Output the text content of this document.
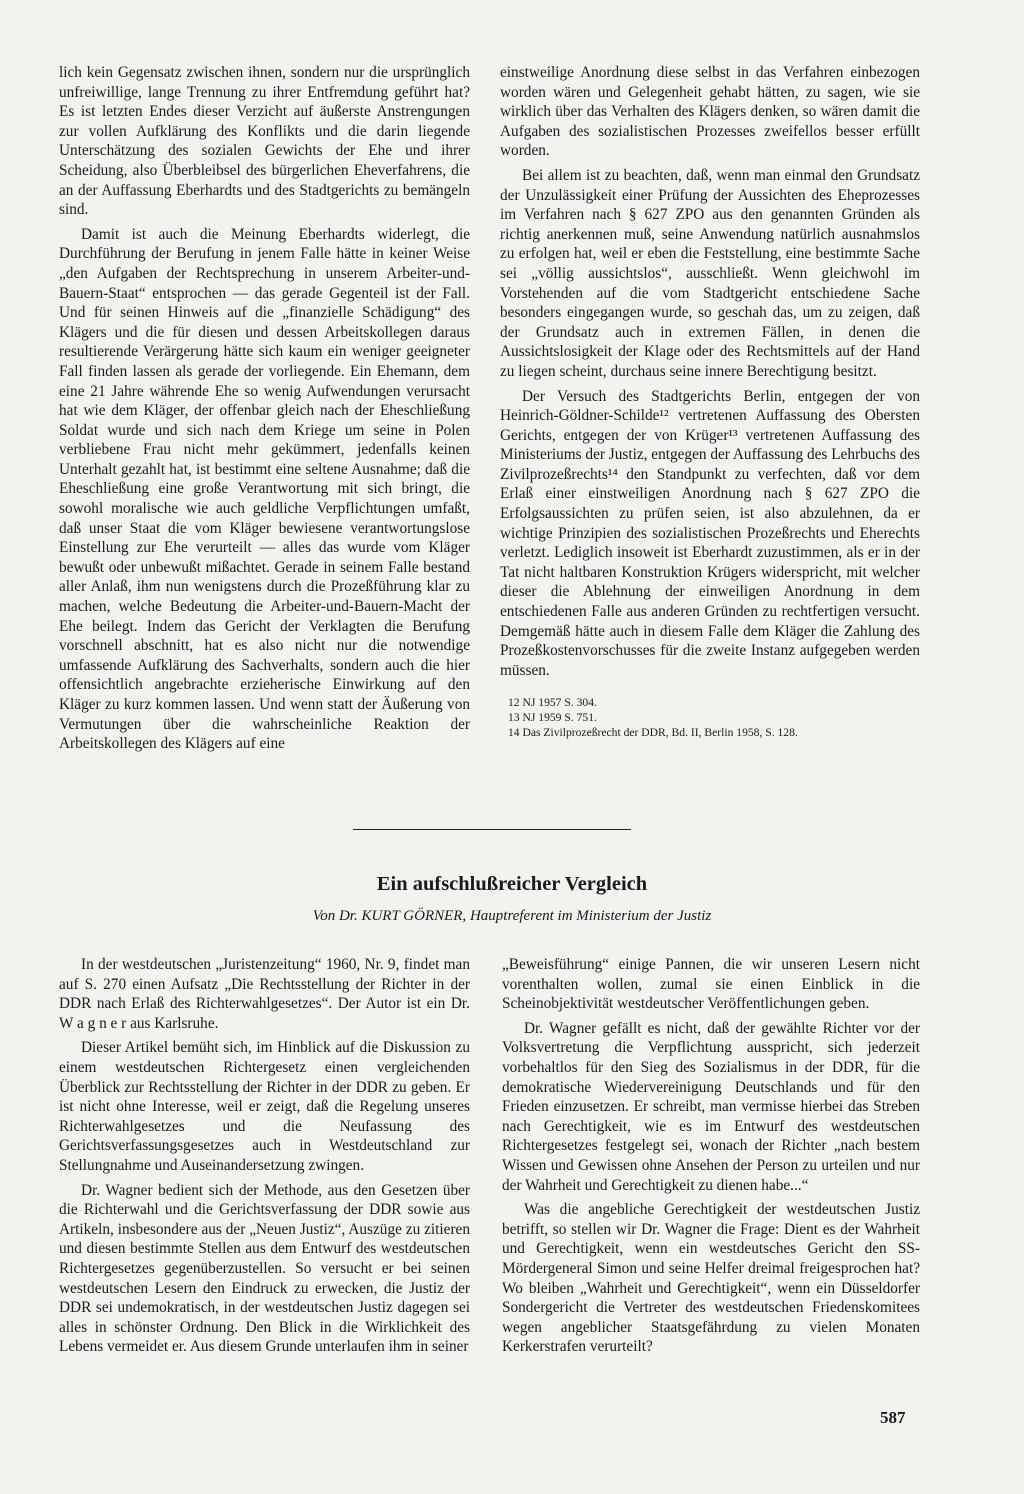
lich kein Gegensatz zwischen ihnen, sondern nur die ursprünglich unfreiwillige, lange Trennung zu ihrer Entfremdung geführt hat? Es ist letzten Endes dieser Verzicht auf äußerste Anstrengungen zur vollen Aufklärung des Konflikts und die darin liegende Unterschätzung des sozialen Gewichts der Ehe und ihrer Scheidung, also Überbleibsel des bürgerlichen Eheverfahrens, die an der Auffassung Eberhardts und des Stadtgerichts zu bemängeln sind.

Damit ist auch die Meinung Eberhardts widerlegt, die Durchführung der Berufung in jenem Falle hätte in keiner Weise „den Aufgaben der Rechtsprechung in unserem Arbeiter-und-Bauern-Staat“ entsprochen — das gerade Gegenteil ist der Fall. Und für seinen Hinweis auf die „finanzielle Schädigung“ des Klägers und die für diesen und dessen Arbeitskollegen daraus resultierende Verärgerung hätte sich kaum ein weniger geeigneter Fall finden lassen als gerade der vorliegende. Ein Ehemann, dem eine 21 Jahre währende Ehe so wenig Aufwendungen verursacht hat wie dem Kläger, der offenbar gleich nach der Eheschließung Soldat wurde und sich nach dem Kriege um seine in Polen verbliebene Frau nicht mehr gekümmert, jedenfalls keinen Unterhalt gezahlt hat, ist bestimmt eine seltene Ausnahme; daß die Eheschließung eine große Verantwortung mit sich bringt, die sowohl moralische wie auch geldliche Verpflichtungen umfaßt, daß unser Staat die vom Kläger bewiesene verantwortungslose Einstellung zur Ehe verurteilt — alles das wurde vom Kläger bewußt oder unbewußt mißachtet. Gerade in seinem Falle bestand aller Anlaß, ihm nun wenigstens durch die Prozeßführung klar zu machen, welche Bedeutung die Arbeiter-und-Bauern-Macht der Ehe beilegt. Indem das Gericht der Verklagten die Berufung vorschnell abschnitt, hat es also nicht nur die notwendige umfassende Aufklärung des Sachverhalts, sondern auch die hier offensichtlich angebrachte erzieherische Einwirkung auf den Kläger zu kurz kommen lassen. Und wenn statt der Äußerung von Vermutungen über die wahrscheinliche Reaktion der Arbeitskollegen des Klägers auf eine

einstweilige Anordnung diese selbst in das Verfahren einbezogen worden wären und Gelegenheit gehabt hätten, zu sagen, wie sie wirklich über das Verhalten des Klägers denken, so wären damit die Aufgaben des sozialistischen Prozesses zweifellos besser erfüllt worden.

Bei allem ist zu beachten, daß, wenn man einmal den Grundsatz der Unzulässigkeit einer Prüfung der Aussichten des Eheprozesses im Verfahren nach § 627 ZPO aus den genannten Gründen als richtig anerkennen muß, seine Anwendung natürlich ausnahmslos zu erfolgen hat, weil er eben die Feststellung, eine bestimmte Sache sei „völlig aussichtslos“, ausschließt. Wenn gleichwohl im Vorstehenden auf die vom Stadtgericht entschiedene Sache besonders eingegangen wurde, so geschah das, um zu zeigen, daß der Grundsatz auch in extremen Fällen, in denen die Aussichtslosigkeit der Klage oder des Rechtsmittels auf der Hand zu liegen scheint, durchaus seine innere Berechtigung besitzt.

Der Versuch des Stadtgerichts Berlin, entgegen der von Heinrich-Göldner-Schilde¹² vertretenen Auffassung des Obersten Gerichts, entgegen der von Krüger¹³ vertretenen Auffassung des Ministeriums der Justiz, entgegen der Auffassung des Lehrbuchs des Zivilprozeßrechts¹⁴ den Standpunkt zu verfechten, daß vor dem Erlaß einer einstweiligen Anordnung nach § 627 ZPO die Erfolgsaussichten zu prüfen seien, ist also abzulehnen, da er wichtige Prinzipien des sozialistischen Prozeßrechts und Eherechts verletzt. Lediglich insoweit ist Eberhardt zuzustimmen, als er in der Tat nicht haltbaren Konstruktion Krügers widerspricht, mit welcher dieser die Ablehnung der einweiligen Anordnung in dem entschiedenen Falle aus anderen Gründen zu rechtfertigen versucht. Demgemäß hätte auch in diesem Falle dem Kläger die Zahlung des Prozeßkostenvorschusses für die zweite Instanz aufgegeben werden müssen.

12 NJ 1957 S. 304.
13 NJ 1959 S. 751.
14 Das Zivilprozeßrecht der DDR, Bd. II, Berlin 1958, S. 128.
Ein aufschlußreicher Vergleich
Von Dr. KURT GÖRNER, Hauptreferent im Ministerium der Justiz

In der westdeutschen „Juristenzeitung“ 1960, Nr. 9, findet man auf S. 270 einen Aufsatz „Die Rechtsstellung der Richter in der DDR nach Erlaß des Richterwahlgesetzes“. Der Autor ist ein Dr. W a g n e r aus Karlsruhe.

Dieser Artikel bemüht sich, im Hinblick auf die Diskussion zu einem westdeutschen Richtergesetz einen vergleichenden Überblick zur Rechtsstellung der Richter in der DDR zu geben. Er ist nicht ohne Interesse, weil er zeigt, daß die Regelung unseres Richterwahlgesetzes und die Neufassung des Gerichtsverfassungsgesetzes auch in Westdeutschland zur Stellungnahme und Auseinandersetzung zwingen.

Dr. Wagner bedient sich der Methode, aus den Gesetzen über die Richterwahl und die Gerichtsverfassung der DDR sowie aus Artikeln, insbesondere aus der „Neuen Justiz“, Auszüge zu zitieren und diesen bestimmte Stellen aus dem Entwurf des westdeutschen Richtergesetzes gegenüberzustellen. So versucht er bei seinen westdeutschen Lesern den Eindruck zu erwecken, die Justiz der DDR sei undemokratisch, in der westdeutschen Justiz dagegen sei alles in schönster Ordnung. Den Blick in die Wirklichkeit des Lebens vermeidet er. Aus diesem Grunde unterlaufen ihm in seiner

„Beweisführung“ einige Pannen, die wir unseren Lesern nicht vorenthalten wollen, zumal sie einen Einblick in die Scheinobjektivität westdeutscher Veröffentlichungen geben.

Dr. Wagner gefällt es nicht, daß der gewählte Richter vor der Volksvertretung die Verpflichtung ausspricht, sich jederzeit vorbehaltlos für den Sieg des Sozialismus in der DDR, für die demokratische Wiedervereinigung Deutschlands und für den Frieden einzusetzen. Er schreibt, man vermisse hierbei das Streben nach Gerechtigkeit, wie es im Entwurf des westdeutschen Richtergesetzes festgelegt sei, wonach der Richter „nach bestem Wissen und Gewissen ohne Ansehen der Person zu urteilen und nur der Wahrheit und Gerechtigkeit zu dienen habe...“

Was die angebliche Gerechtigkeit der westdeutschen Justiz betrifft, so stellen wir Dr. Wagner die Frage: Dient es der Wahrheit und Gerechtigkeit, wenn ein westdeutsches Gericht den SS-Mördergeneral Simon und seine Helfer dreimal freigesprochen hat? Wo bleiben „Wahrheit und Gerechtigkeit“, wenn ein Düsseldorfer Sondergericht die Vertreter des westdeutschen Friedenskomitees wegen angeblicher Staatsgefährdung zu vielen Monaten Kerkerstrafen verurteilt?

587
